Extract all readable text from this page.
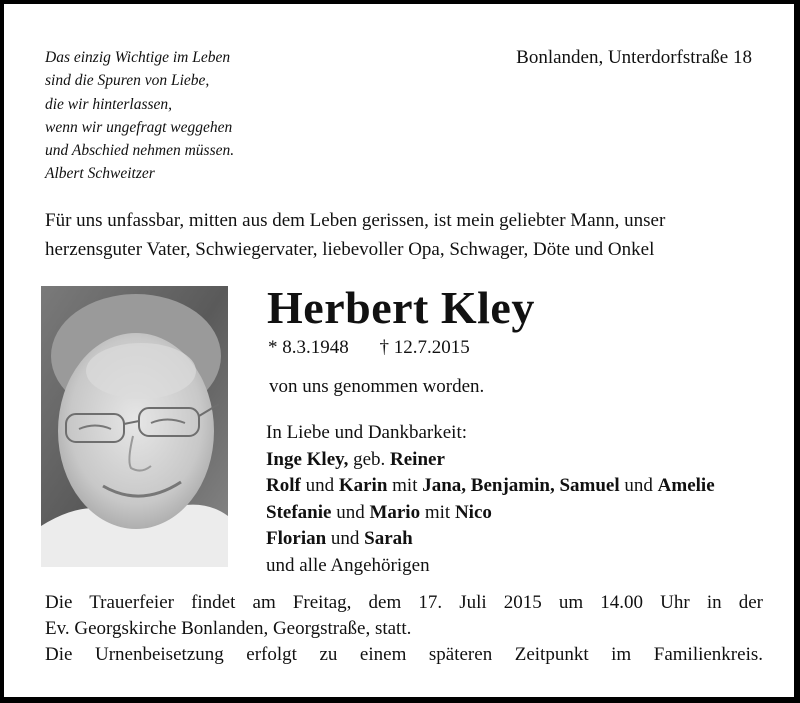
Das einzig Wichtige im Leben
sind die Spuren von Liebe,
die wir hinterlassen,
wenn wir ungefragt weggehen
und Abschied nehmen müssen.
Albert Schweitzer
Bonlanden, Unterdorfstraße 18
Für uns unfassbar, mitten aus dem Leben gerissen, ist mein geliebter Mann, unser
herzensguter Vater, Schwiegervater, liebevoller Opa, Schwager, Döte und Onkel
Herbert Kley
* 8.3.1948 † 12.7.2015
von uns genommen worden.
In Liebe und Dankbarkeit:
Inge Kley, geb. Reiner
Rolf und Karin mit Jana, Benjamin, Samuel und Amelie
Stefanie und Mario mit Nico
Florian und Sarah
und alle Angehörigen
Die Trauerfeier findet am Freitag, dem 17. Juli 2015 um 14.00 Uhr in der
Ev. Georgskirche Bonlanden, Georgstraße, statt.
Die Urnenbeisetzung erfolgt zu einem späteren Zeitpunkt im Familienkreis.
